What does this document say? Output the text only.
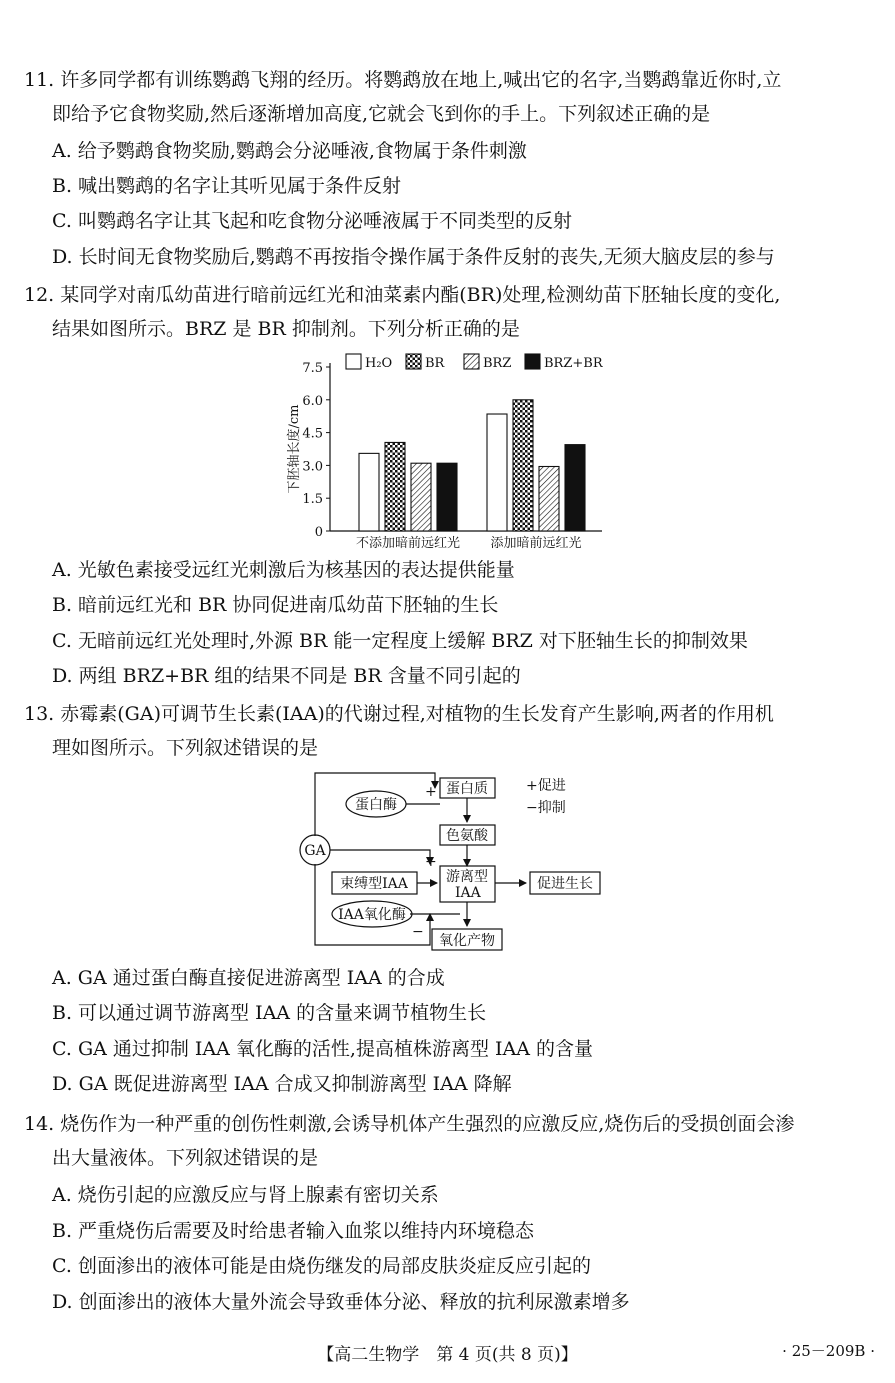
11. 许多同学都有训练鹦鹉飞翔的经历。将鹦鹉放在地上,喊出它的名字,当鹦鹉靠近你时,立
即给予它食物奖励,然后逐渐增加高度,它就会飞到你的手上。下列叙述正确的是
A. 给予鹦鹉食物奖励,鹦鹉会分泌唾液,食物属于条件刺激
B. 喊出鹦鹉的名字让其听见属于条件反射
C. 叫鹦鹉名字让其飞起和吃食物分泌唾液属于不同类型的反射
D. 长时间无食物奖励后,鹦鹉不再按指令操作属于条件反射的丧失,无须大脑皮层的参与
12. 某同学对南瓜幼苗进行暗前远红光和油菜素内酯(BR)处理,检测幼苗下胚轴长度的变化,
结果如图所示。BRZ 是 BR 抑制剂。下列分析正确的是
0
1.5
3.0
4.5
6.0
7.5
下胚轴长度/cm
不添加暗前远红光 添加暗前远红光
H₂O	BR	BRZ	BRZ+BR
A. 光敏色素接受远红光刺激后为核基因的表达提供能量
B. 暗前远红光和 BR 协同促进南瓜幼苗下胚轴的生长
C. 无暗前远红光处理时,外源 BR 能一定程度上缓解 BRZ 对下胚轴生长的抑制效果
D. 两组 BRZ+BR 组的结果不同是 BR 含量不同引起的
13. 赤霉素(GA)可调节生长素(IAA)的代谢过程,对植物的生长发育产生影响,两者的作用机
理如图所示。下列叙述错误的是
GA
蛋白质
蛋白酶
色氨酸
束缚型IAA	游离型
IAA
促进生长
IAA氧化酶
氧化产物
+
+
−
+促进
−抑制
A. GA 通过蛋白酶直接促进游离型 IAA 的合成
B. 可以通过调节游离型 IAA 的含量来调节植物生长
C. GA 通过抑制 IAA 氧化酶的活性,提高植株游离型 IAA 的含量
D. GA 既促进游离型 IAA 合成又抑制游离型 IAA 降解
14. 烧伤作为一种严重的创伤性刺激,会诱导机体产生强烈的应激反应,烧伤后的受损创面会渗
出大量液体。下列叙述错误的是
A. 烧伤引起的应激反应与肾上腺素有密切关系
B. 严重烧伤后需要及时给患者输入血浆以维持内环境稳态
C. 创面渗出的液体可能是由烧伤继发的局部皮肤炎症反应引起的
D. 创面渗出的液体大量外流会导致垂体分泌、释放的抗利尿激素增多
【高二生物学　第 4 页(共 8 页)】	· 25－209B ·
